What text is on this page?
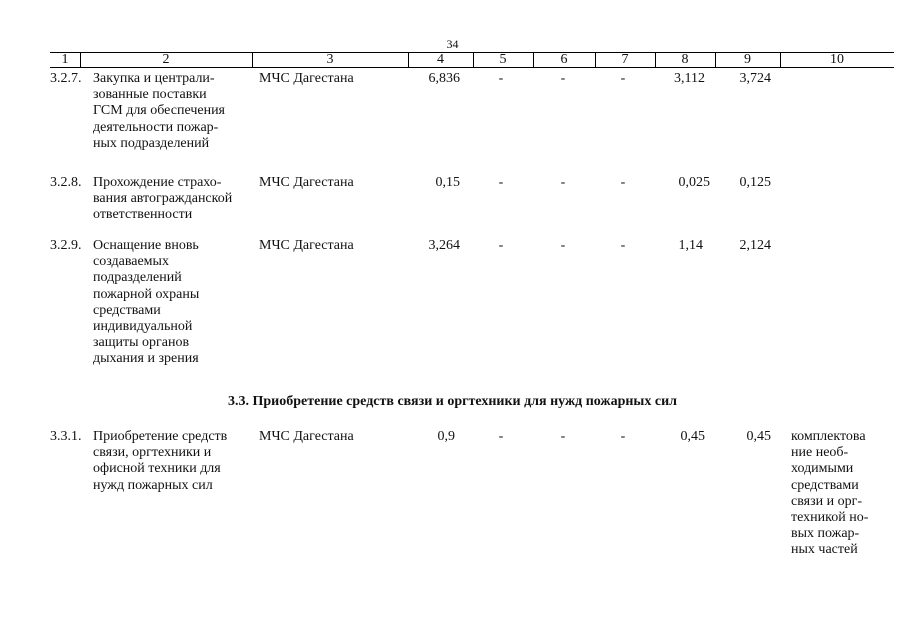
34
1	2	3	4	5	6	7	8	9	10
3.2.7. Закупка и централи-
зованные поставки
ГСМ для обеспечения
деятельности пожар-
ных подразделений
МЧС Дагестана	6,836	-	-	-	3,112	3,724
3.2.8. Прохождение страхо-
вания автогражданской
ответственности
МЧС Дагестана	0,15	-	-	-	0,025	0,125
3.2.9. Оснащение вновь
создаваемых
подразделений
пожарной охраны
средствами
индивидуальной
защиты органов
дыхания и зрения
МЧС Дагестана	3,264	-	-	-	1,14	2,124
3.3. Приобретение средств связи и оргтехники для нужд пожарных сил
3.3.1. Приобретение средств
связи, оргтехники и
офисной техники для
нужд пожарных сил
МЧС Дагестана	0,9	-	-	-	0,45	0,45 комплектова
ние необ-
ходимыми
средствами
связи и орг-
техникой но-
вых пожар-
ных частей
